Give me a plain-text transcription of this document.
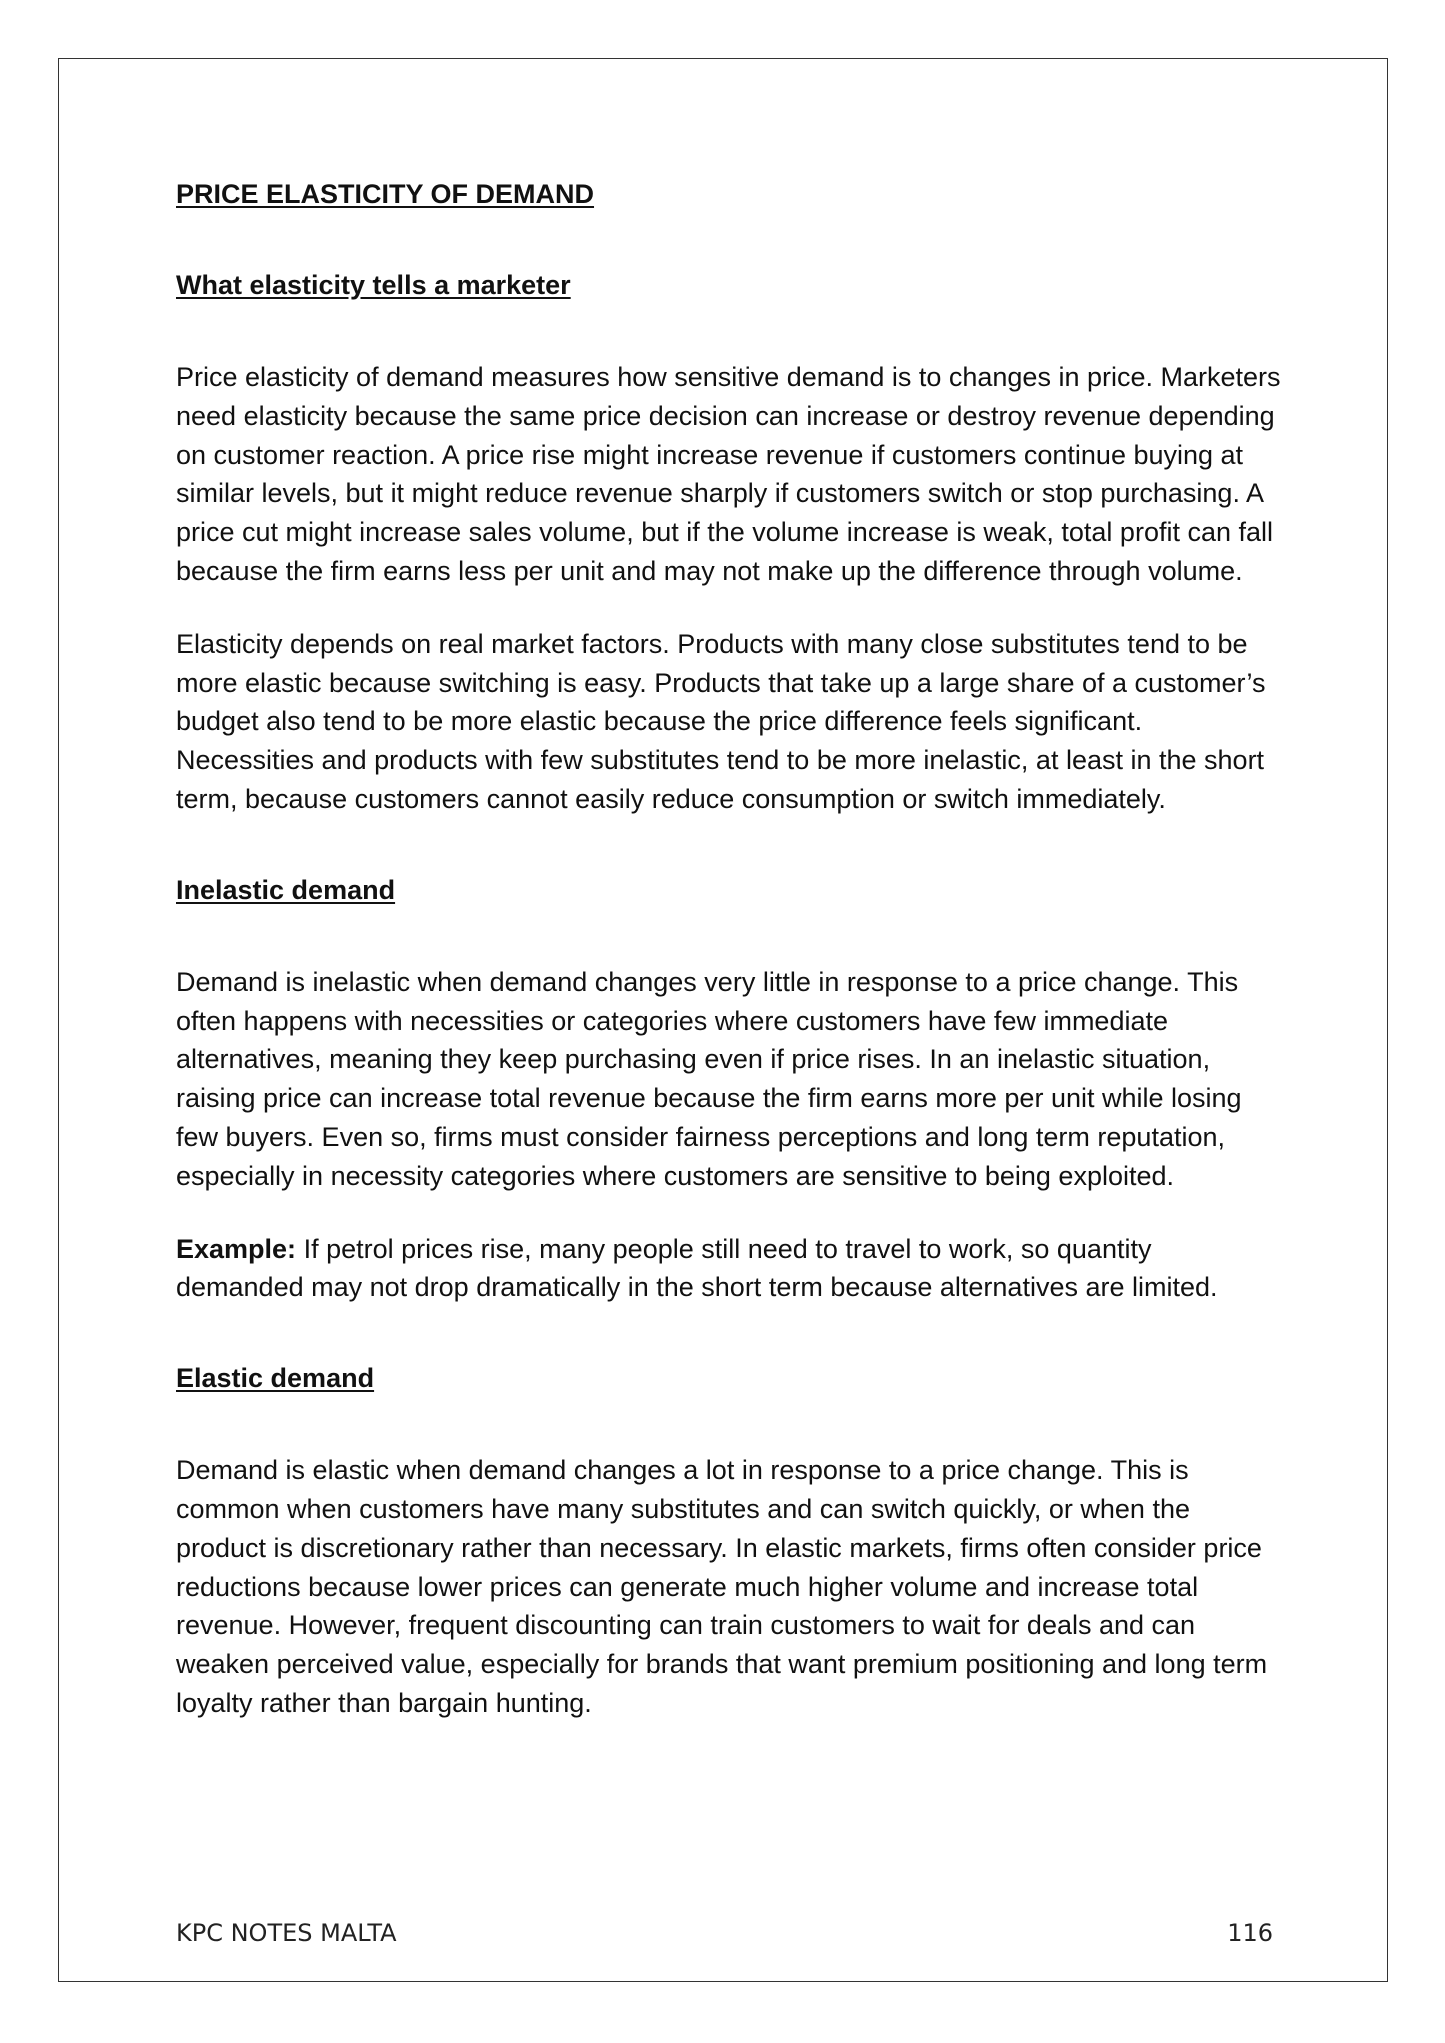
PRICE ELASTICITY OF DEMAND
What elasticity tells a marketer

Price elasticity of demand measures how sensitive demand is to changes in price. Marketers need elasticity because the same price decision can increase or destroy revenue depending on customer reaction. A price rise might increase revenue if customers continue buying at similar levels, but it might reduce revenue sharply if customers switch or stop purchasing. A price cut might increase sales volume, but if the volume increase is weak, total profit can fall because the firm earns less per unit and may not make up the difference through volume.

Elasticity depends on real market factors. Products with many close substitutes tend to be more elastic because switching is easy. Products that take up a large share of a customer’s budget also tend to be more elastic because the price difference feels significant. Necessities and products with few substitutes tend to be more inelastic, at least in the short term, because customers cannot easily reduce consumption or switch immediately.

Inelastic demand

Demand is inelastic when demand changes very little in response to a price change. This often happens with necessities or categories where customers have few immediate alternatives, meaning they keep purchasing even if price rises. In an inelastic situation, raising price can increase total revenue because the firm earns more per unit while losing few buyers. Even so, firms must consider fairness perceptions and long term reputation, especially in necessity categories where customers are sensitive to being exploited.

Example: If petrol prices rise, many people still need to travel to work, so quantity demanded may not drop dramatically in the short term because alternatives are limited.

Elastic demand

Demand is elastic when demand changes a lot in response to a price change. This is common when customers have many substitutes and can switch quickly, or when the product is discretionary rather than necessary. In elastic markets, firms often consider price reductions because lower prices can generate much higher volume and increase total revenue. However, frequent discounting can train customers to wait for deals and can weaken perceived value, especially for brands that want premium positioning and long term loyalty rather than bargain hunting.

KPC NOTES MALTA	116
